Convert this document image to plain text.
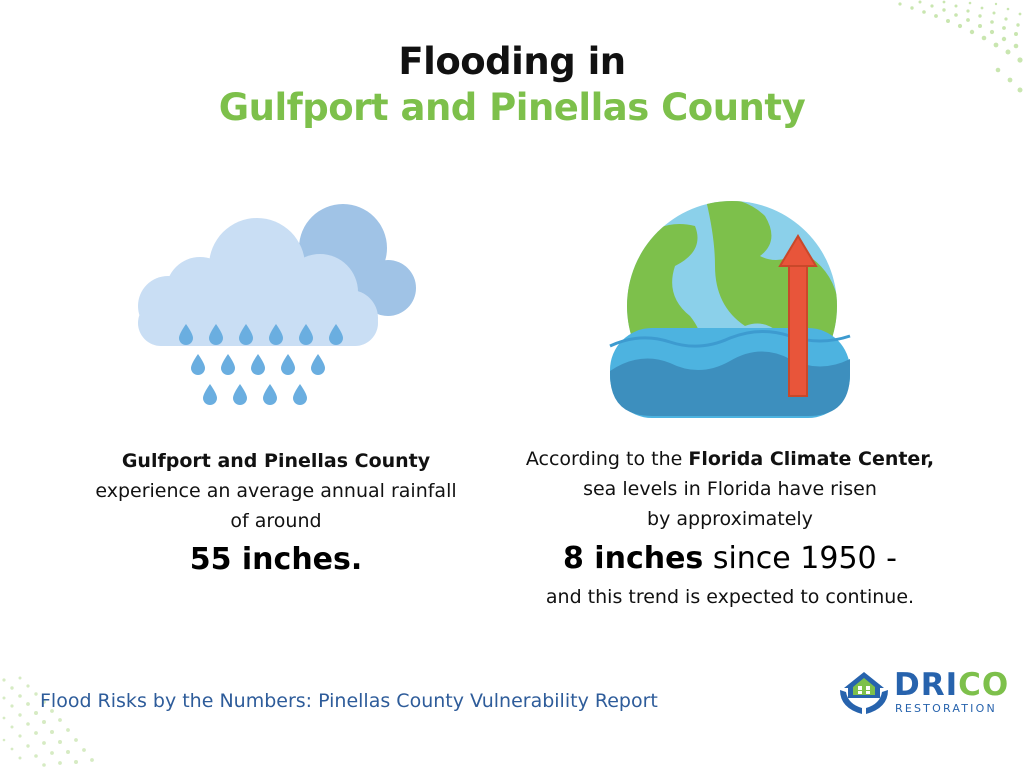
Flooding in
Gulfport and Pinellas County
Gulfport and Pinellas County
experience an average annual rainfall
of around
55 inches.
According to the Florida Climate Center,
sea levels in Florida have risen
by approximately
8 inches since 1950 -
and this trend is expected to continue.
Flood Risks by the Numbers: Pinellas County Vulnerability Report	DRICO
RESTORATION
